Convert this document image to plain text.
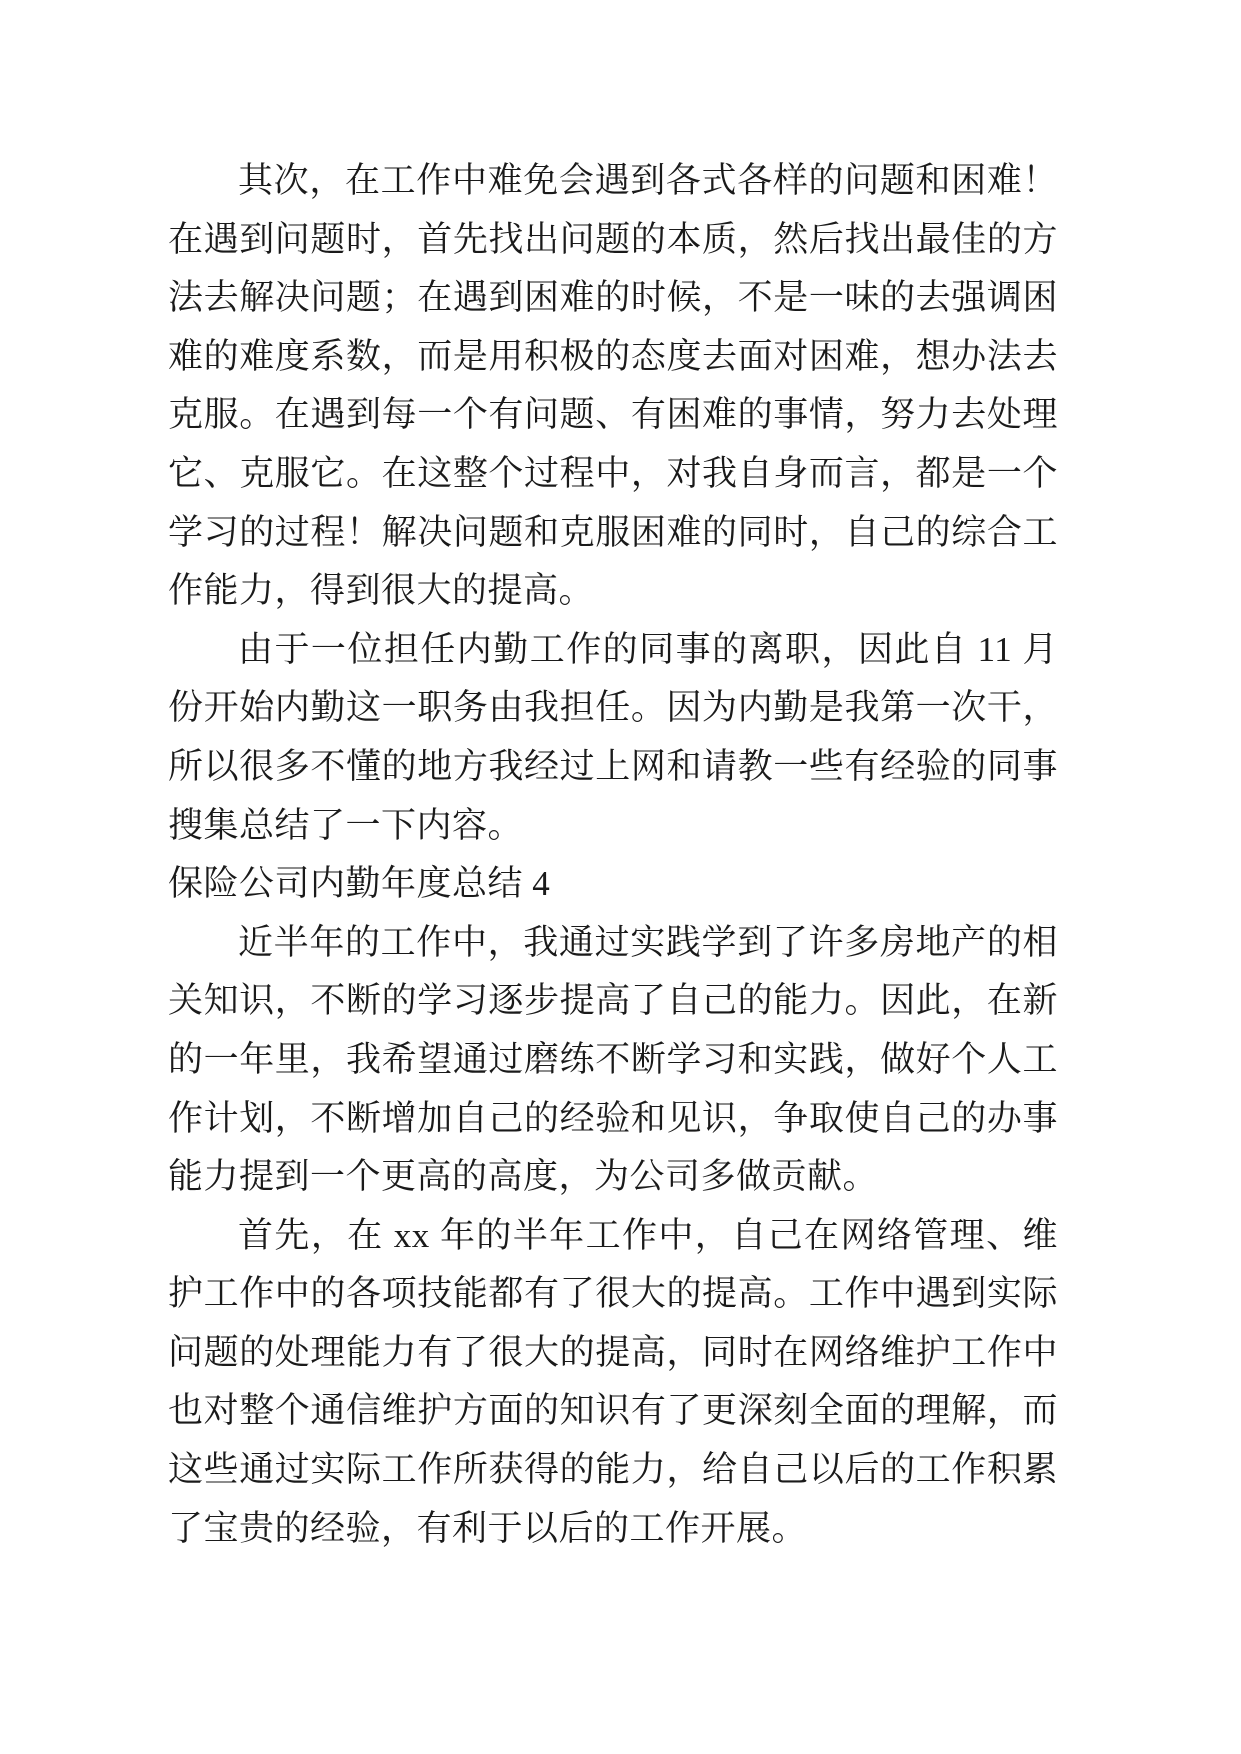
其次，在工作中难免会遇到各式各样的问题和困难！在遇到问题时，首先找出问题的本质，然后找出最佳的方法去解决问题；在遇到困难的时候，不是一味的去强调困难的难度系数，而是用积极的态度去面对困难，想办法去克服。在遇到每一个有问题、有困难的事情，努力去处理它、克服它。在这整个过程中，对我自身而言，都是一个学习的过程！解决问题和克服困难的同时，自己的综合工作能力，得到很大的提高。

由于一位担任内勤工作的同事的离职，因此自 11 月份开始内勤这一职务由我担任。因为内勤是我第一次干，所以很多不懂的地方我经过上网和请教一些有经验的同事搜集总结了一下内容。

保险公司内勤年度总结 4

近半年的工作中，我通过实践学到了许多房地产的相关知识，不断的学习逐步提高了自己的能力。因此，在新的一年里，我希望通过磨练不断学习和实践，做好个人工作计划，不断增加自己的经验和见识，争取使自己的办事能力提到一个更高的高度，为公司多做贡献。

首先，在 xx 年的半年工作中，自己在网络管理、维护工作中的各项技能都有了很大的提高。工作中遇到实际问题的处理能力有了很大的提高，同时在网络维护工作中也对整个通信维护方面的知识有了更深刻全面的理解，而这些通过实际工作所获得的能力，给自己以后的工作积累了宝贵的经验，有利于以后的工作开展。
